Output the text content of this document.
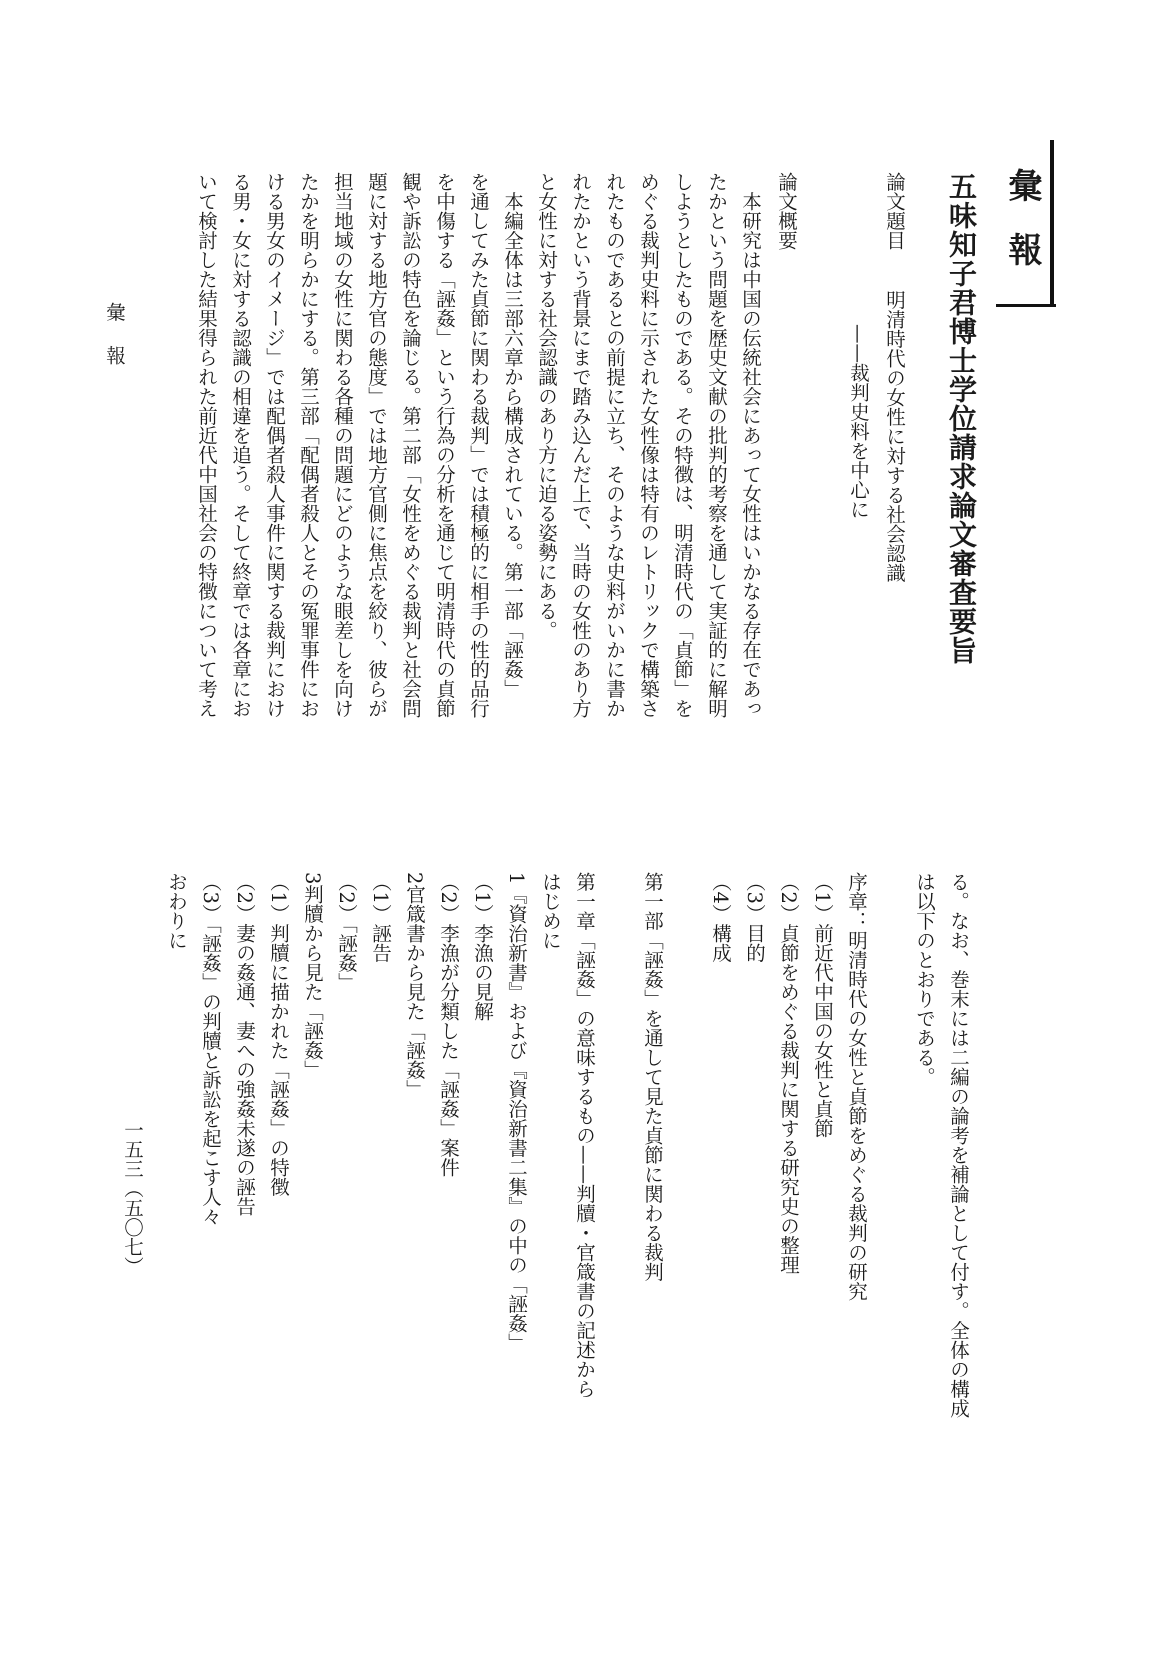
彙報
五味知子君博士学位請求論文審査要旨
論文題目
明清時代の女性に対する社会認識
——裁判史料を中心に
論文概要
　本研究は中国の伝統社会にあって女性はいかなる存在であっ
たかという問題を歴史文献の批判的考察を通して実証的に解明
しようとしたものである。その特徴は、明清時代の「貞節」を
めぐる裁判史料に示された女性像は特有のレトリックで構築さ
れたものであるとの前提に立ち、そのような史料がいかに書か
れたかという背景にまで踏み込んだ上で、当時の女性のあり方
と女性に対する社会認識のあり方に迫る姿勢にある。
　本編全体は三部六章から構成されている。第一部「誣姦」
を通してみた貞節に関わる裁判」では積極的に相手の性的品行
を中傷する「誣姦」という行為の分析を通じて明清時代の貞節
観や訴訟の特色を論じる。第二部「女性をめぐる裁判と社会問
題に対する地方官の態度」では地方官側に焦点を絞り、彼らが
担当地域の女性に関わる各種の問題にどのような眼差しを向け
たかを明らかにする。第三部「配偶者殺人とその冤罪事件にお
ける男女のイメージ」では配偶者殺人事件に関する裁判におけ
る男・女に対する認識の相違を追う。そして終章では各章にお
いて検討した結果得られた前近代中国社会の特徴について考え
彙報
る。なお、巻末には二編の論考を補論として付す。全体の構成
は以下のとおりである。
序章：明清時代の女性と貞節をめぐる裁判の研究
（1）前近代中国の女性と貞節
（2）貞節をめぐる裁判に関する研究史の整理
（3）目的
（4）構成
第一部「誣姦」を通して見た貞節に関わる裁判
第一章「誣姦」の意味するもの——判牘・官箴書の記述から
はじめに
1『資治新書』および『資治新書二集』の中の「誣姦」
（1）李漁の見解
（2）李漁が分類した「誣姦」案件
2官箴書から見た「誣姦」
（1）誣告
（2）「誣姦」
3判牘から見た「誣姦」
（1）判牘に描かれた「誣姦」の特徴
（2）妻の姦通、妻への強姦未遂の誣告
（3）「誣姦」の判牘と訴訟を起こす人々
おわりに
一五三（五〇七）
